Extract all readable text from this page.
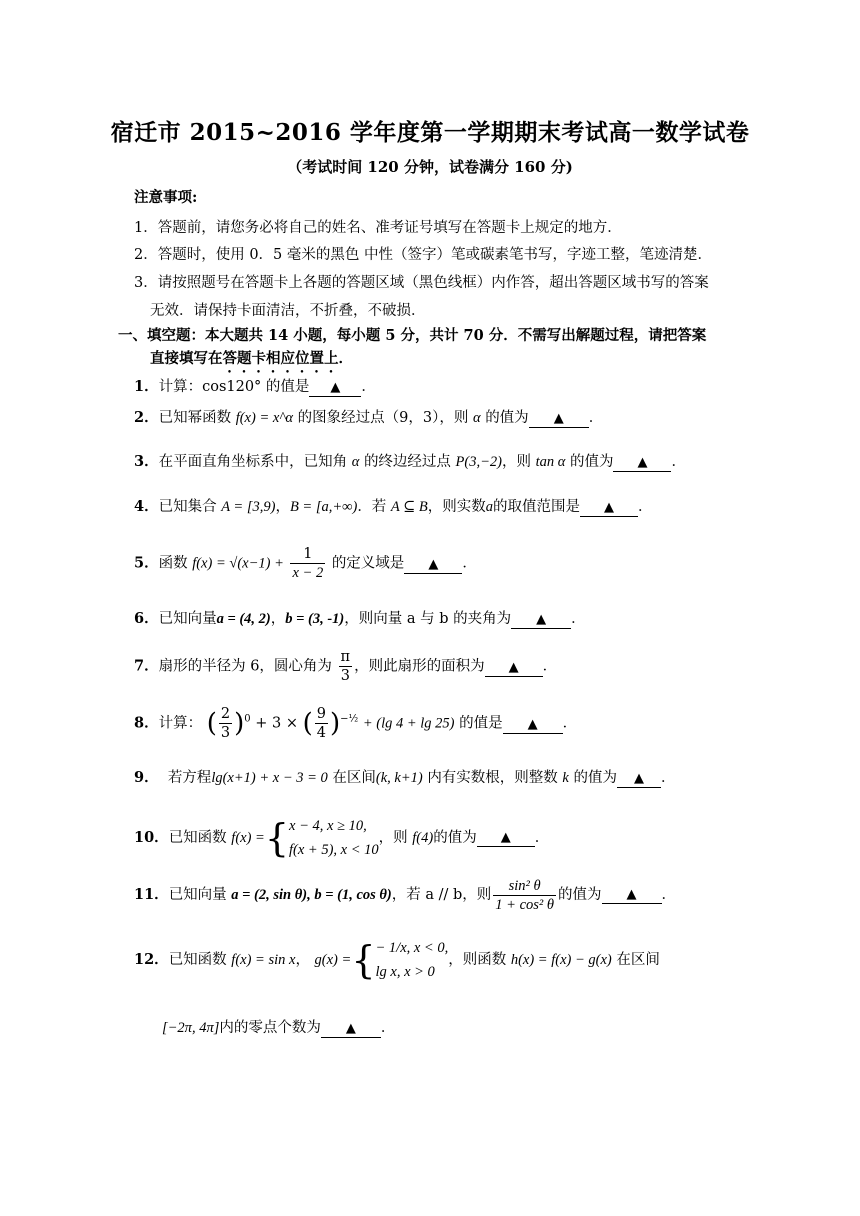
宿迁市 2015~2016 学年度第一学期期末考试高一数学试卷
（考试时间 120 分钟，试卷满分 160 分)
注意事项:
1．答题前，请您务必将自己的姓名、准考证号填写在答题卡上规定的地方．
2．答题时，使用 0．5 毫米的黑色 中性（签字）笔或碳素笔书写，字迹工整，笔迹清楚．
3．请按照题号在答题卡上各题的答题区域（黑色线框）内作答，超出答题区域书写的答案
无效．请保持卡面清洁，不折叠，不破损．
一、填空题：本大题共 14 小题，每小题 5 分，共计 70 分．不需写出解题过程，请把答案
直接填写在答题卡相应位置上．
1．计算：cos120° 的值是 ▲ ．
2．已知幂函数 f(x) = x^α 的图象经过点（9，3），则 α 的值为 ▲ ．
3．在平面直角坐标系中，已知角 α 的终边经过点 P(3,−2)，则 tan α 的值为 ▲ ．
4．已知集合 A = [3,9)，B = [a,+∞)．若 A ⊆ B，则实数a的取值范围是 ▲ ．
5．函数 $f(x) = √(x-1) + \frac{1}{x - 2}$ 的定义域是 ▲ ．
6．已知向量a = (4, 2)，b = (3, -1)，则向量 a 与 b 的夹角为 ▲ ．
7．扇形的半径为 6，圆心角为 $\frac{\pi}{3}$ ，则此扇形的面积为 ▲ ．
8．计算： ( $\frac{2}{3} )^0 + 3$ × ( $\frac{9}{4} )^{-\frac{1}{2}} + (\lg$ 4 + lg 25) 的值是 ▲ ．
9． 若方程lg(x+1) + x − 3 = 0 在区间(k, k+1) 内有实数根，则整数 k 的值为 ▲ ．
10． 已知函数
f(x) = { x − 4, x ≥ 10,
f(x + 5), x < 10
，则
f(4) 的值为	▲	．
11． 已知向量
a = (2, sin θ), b = (1, cos θ) ，若 a // b，则 $\frac{\text{sin² θ}}{\text{1 + cos² θ}}$ 的值为	▲	．
12． 已知函数
f(x) = sin x ， g(x) = { − 1/x, x < 0,
lg x, x > 0
，则函数
h(x) = f(x) − g(x)
在区间
[−2π, 4π]内的零点个数为 ▲ ．
